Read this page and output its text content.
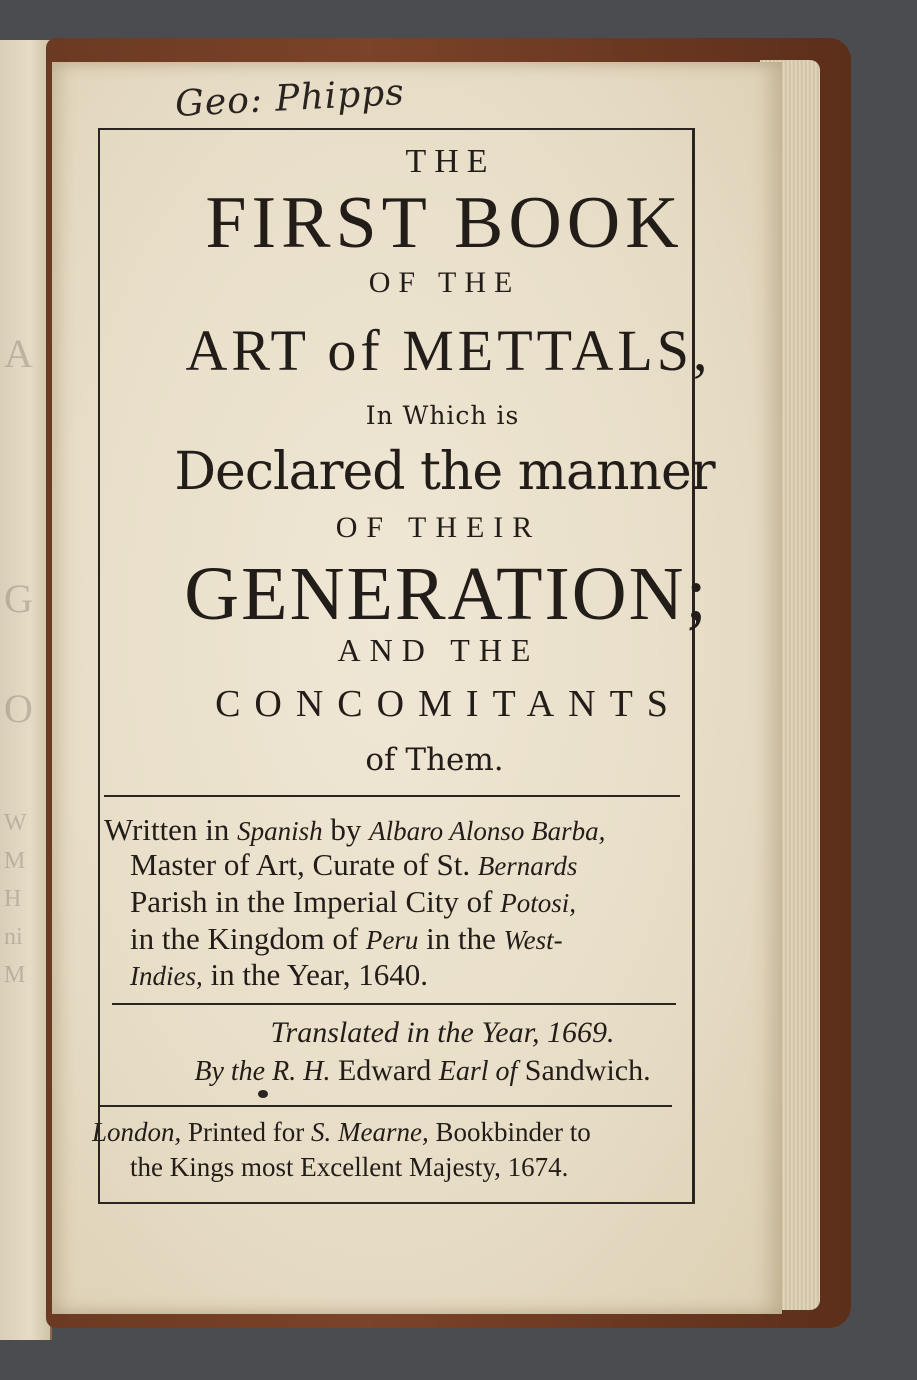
A
G
O
W
M
H
ni
M
Geo: Phipps
THE
FIRST BOOK
OF THE
ART of METTALS,
In Which is
Declared the manner
OF THEIR
GENERATION;
AND THE
CONCOMITANTS
of Them.
Written in Spanish by Albaro Alonso Barba,
Master of Art, Curate of St. Bernards
Parish in the Imperial City of Potosi,
in the Kingdom of Peru in the West-
Indies, in the Year, 1640.
Translated in the Year, 1669.
By the R. H. Edward Earl of Sandwich.
London, Printed for S. Mearne, Bookbinder to
the Kings most Excellent Majesty, 1674.
